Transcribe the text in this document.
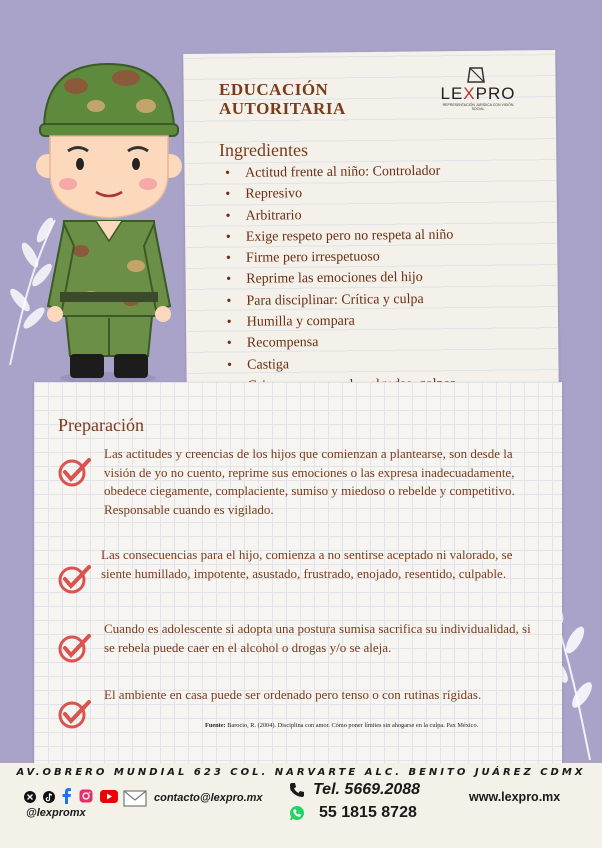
EDUCACIÓN
AUTORITARIA
LEXPRO
REPRESENTACIÓN JURÍDICA CON VISIÓN SOCIAL
Ingredientes
• Actitud frente al niño: Controlador
• Represivo
• Arbitrario
• Exige respeto pero no respeta al niño
• Firme pero irrespetuoso
• Reprime las emociones del hijo
• Para disciplinar: Crítica y culpa
• Humilla y compara
• Recompensa
• Castiga
Preparación
Las actitudes y creencias de los hijos que comienzan a plantearse, son desde la
visión de yo no cuento, reprime sus emociones o las expresa inadecuadamente,
obedece ciegamente, complaciente, sumiso y miedoso o rebelde y competitivo.
Responsable cuando es vigilado.
Las consecuencias para el hijo, comienza a no sentirse aceptado ni valorado, se
siente humillado, impotente, asustado, frustrado, enojado, resentido, culpable.
Cuando es adolescente si adopta una postura sumisa sacrifica su individualidad, si
se rebela puede caer en el alcohol o drogas y/o se aleja.
El ambiente en casa puede ser ordenado pero tenso o con rutinas rígidas.
Fuente: Barocio, R. (2004). Disciplina con amor. Cómo poner límites sin ahogarse en la culpa. Pax México.
AV.OBRERO MUNDIAL 623 COL. NARVARTE ALC. BENITO JUÁREZ CDMX

@lexpromx
contacto@lexpro.mx	Tel. 5669.2088
55 1815 8728
www.lexpro.mx
